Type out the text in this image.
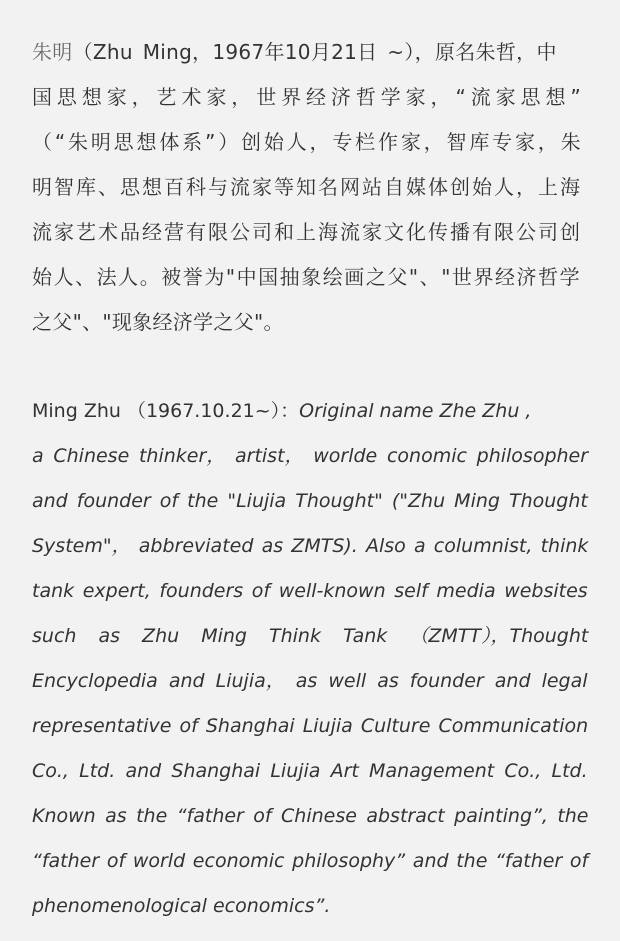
朱明（Zhu Ming，1967年10月21日 ~），原名朱哲，中
国思想家，艺术家，世界经济哲学家，“流家思想”
（“朱明思想体系”）创始人，专栏作家，智库专家，朱
明智库、思想百科与流家等知名网站自媒体创始人，上海
流家艺术品经营有限公司和上海流家文化传播有限公司创
始人、法人。被誉为"中国抽象绘画之父"、"世界经济哲学
之父"、"现象经济学之父"。
Ming Zhu （1967.10.21~）： Original name Zhe Zhu ,
a Chinese thinker， artist， worlde conomic philosopher
and founder of the "Liujia Thought" ("Zhu Ming Thought
System"， abbreviated as ZMTS). Also a columnist, think
tank expert, founders of well-known self media websites
such as Zhu Ming Think Tank （ZMTT），Thought
Encyclopedia and Liujia， as well as founder and legal
representative of Shanghai Liujia Culture Communication
Co., Ltd. and Shanghai Liujia Art Management Co., Ltd.
Known as the “father of Chinese abstract painting”, the
“father of world economic philosophy” and the “father of
phenomenological economics”.
